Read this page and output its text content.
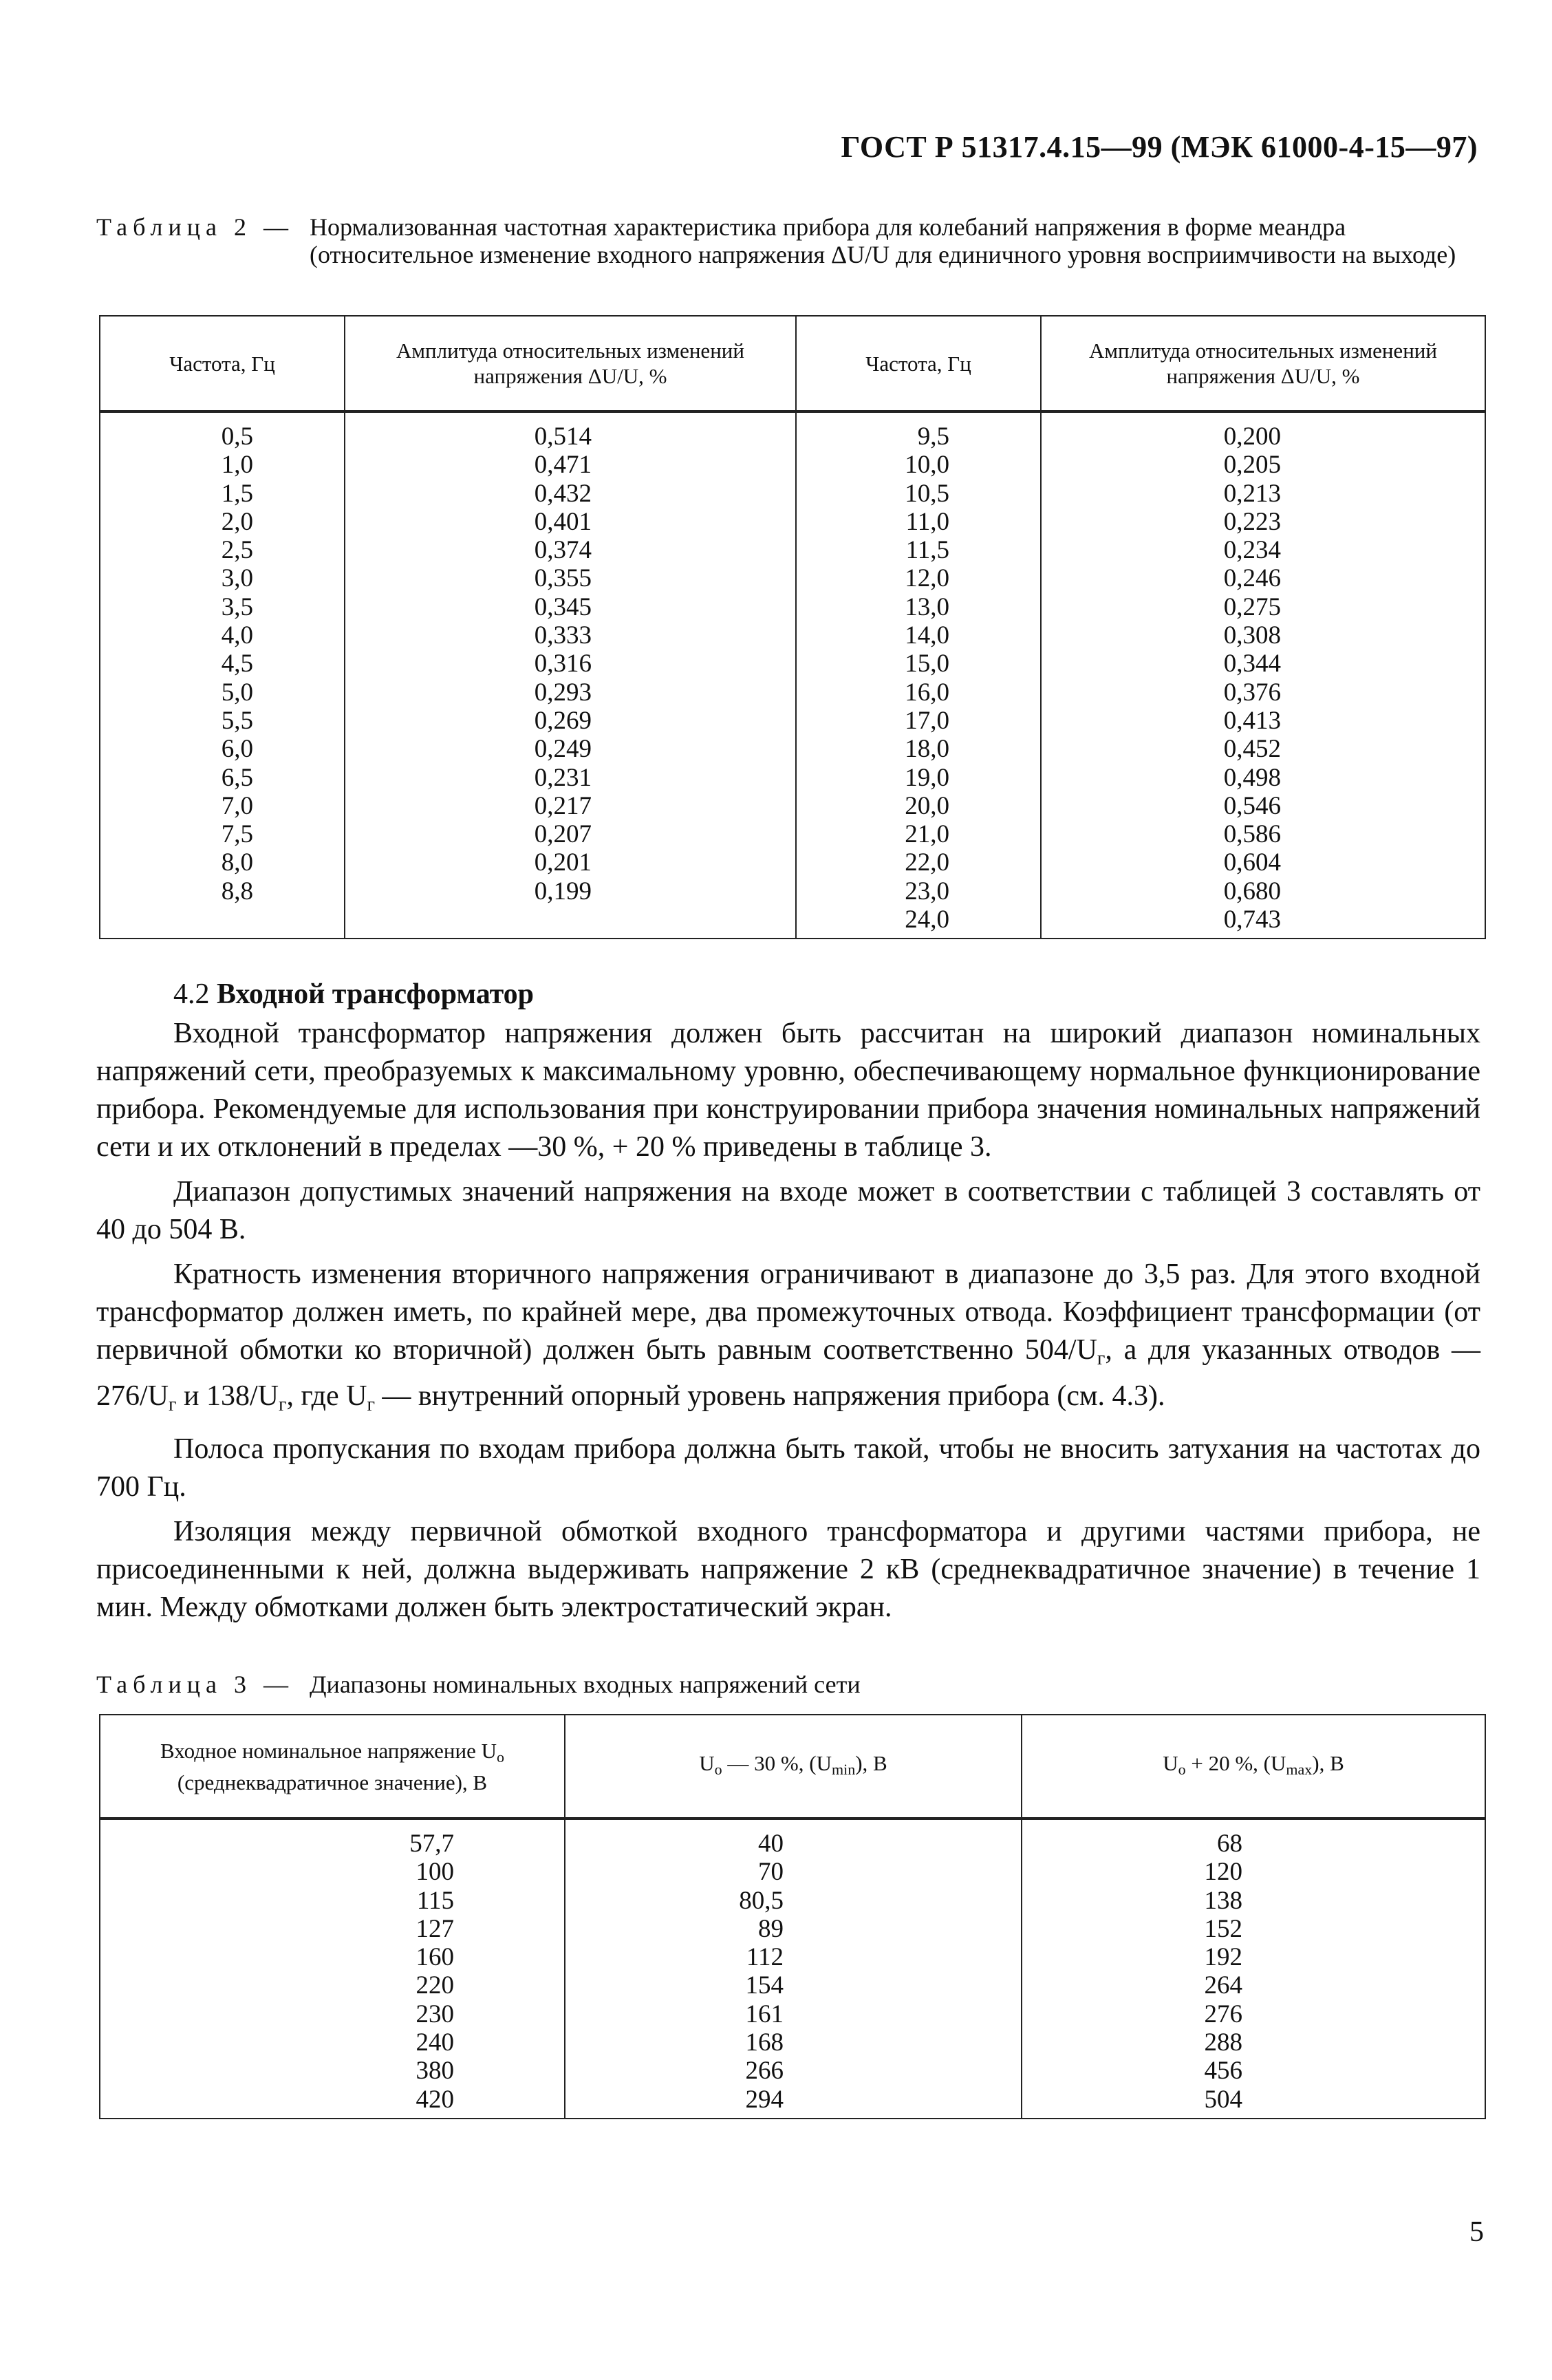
ГОСТ Р 51317.4.15—99 (МЭК 61000-4-15—97)
Таблица 2 — Нормализованная частотная характеристика прибора для колебаний напряжения в форме меандра (относительное изменение входного напряжения ΔU/U для единичного уровня восприимчивости на выходе)
Частота, Гц	Амплитуда относительных изменений напряжения ΔU/U, %	Частота, Гц	Амплитуда относительных изменений напряжения ΔU/U, %
0,5	0,514	9,5	0,200
1,0	0,471	10,0	0,205
1,5	0,432	10,5	0,213
2,0	0,401	11,0	0,223
2,5	0,374	11,5	0,234
3,0	0,355	12,0	0,246
3,5	0,345	13,0	0,275
4,0	0,333	14,0	0,308
4,5	0,316	15,0	0,344
5,0	0,293	16,0	0,376
5,5	0,269	17,0	0,413
6,0	0,249	18,0	0,452
6,5	0,231	19,0	0,498
7,0	0,217	20,0	0,546
7,5	0,207	21,0	0,586
8,0	0,201	22,0	0,604
8,8	0,199	23,0	0,680
		24,0	0,743
4.2 Входной трансформатор

Входной трансформатор напряжения должен быть рассчитан на широкий диапазон номинальных напряжений сети, преобразуемых к максимальному уровню, обеспечивающему нормальное функционирование прибора. Рекомендуемые для использования при конструировании прибора значения номинальных напряжений сети и их отклонений в пределах —30 %, + 20 % приведены в таблице 3.

Диапазон допустимых значений напряжения на входе может в соответствии с таблицей 3 составлять от 40 до 504 В.

Кратность изменения вторичного напряжения ограничивают в диапазоне до 3,5 раз. Для этого входной трансформатор должен иметь, по крайней мере, два промежуточных отвода. Коэффициент трансформации (от первичной обмотки ко вторичной) должен быть равным соответственно $504/U_г$, а для указанных отводов — $276/U_г$ и $138/U_г$, где $U_г$ — внутренний опорный уровень напряжения прибора (см. 4.3).

Полоса пропускания по входам прибора должна быть такой, чтобы не вносить затухания на частотах до 700 Гц.

Изоляция между первичной обмоткой входного трансформатора и другими частями прибора, не присоединенными к ней, должна выдерживать напряжение 2 кВ (среднеквадратичное значение) в течение 1 мин. Между обмотками должен быть электростатический экран.

Таблица 3 — Диапазоны номинальных входных напряжений сети
Входное номинальное напряжение $U_o$
(среднеквадратичное значение), В	$U_o$ — 30 %, $(U_{min})$, В	$U_o + 20$ %, $(U_{max})$, В
57,7	40	68
100	70	120
115	80,5	138
127	89	152
160	112	192
220	154	264
230	161	276
240	168	288
380	266	456
420	294	504
5
